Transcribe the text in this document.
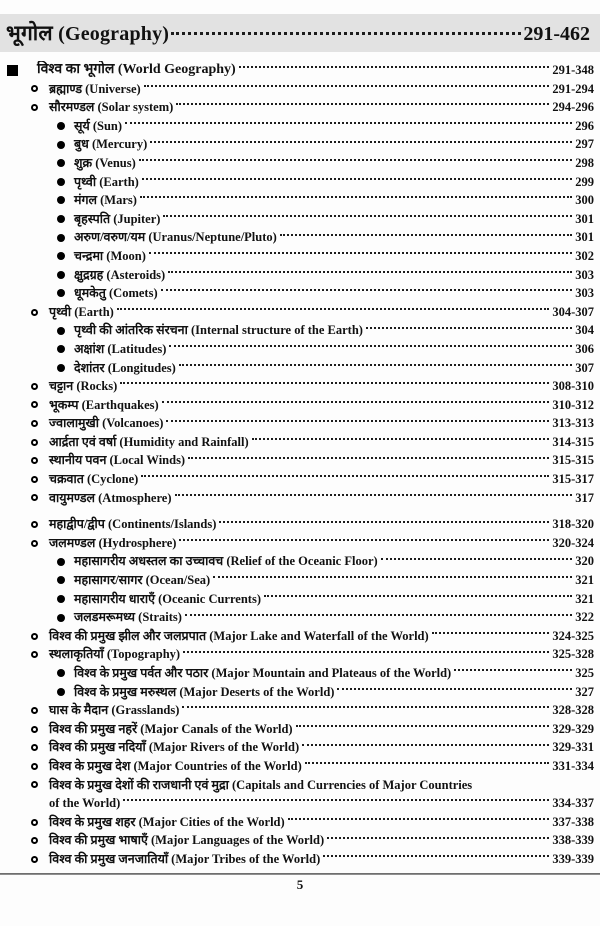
भूगोल (Geography)	291-462
विश्व का भूगोल (World Geography)	291-348
ब्रह्माण्ड (Universe)	291-294
सौरमण्डल (Solar system)	294-296
सूर्य (Sun)	296
बुध (Mercury)	297
शुक्र (Venus)	298
पृथ्वी (Earth)	299
मंगल (Mars)	300
बृहस्पति (Jupiter)	301
अरुण/वरुण/यम (Uranus/Neptune/Pluto)	301
चन्द्रमा (Moon)	302
क्षुद्रग्रह (Asteroids)	303
धूमकेतु (Comets)	303
पृथ्वी (Earth)	304-307
पृथ्वी की आंतरिक संरचना (Internal structure of the Earth)	304
अक्षांश (Latitudes)	306
देशांतर (Longitudes)	307
चट्टान (Rocks)	308-310
भूकम्प (Earthquakes)	310-312
ज्वालामुखी (Volcanoes)	313-313
आर्द्रता एवं वर्षा (Humidity and Rainfall)	314-315
स्थानीय पवन (Local Winds)	315-315
चक्रवात (Cyclone)	315-317
वायुमण्डल (Atmosphere)	317
महाद्वीप/द्वीप (Continents/Islands)	318-320
जलमण्डल (Hydrosphere)	320-324
महासागरीय अधस्तल का उच्चावच (Relief of the Oceanic Floor)	320
महासागर/सागर (Ocean/Sea)	321
महासागरीय धाराएँ (Oceanic Currents)	321
जलडमरूमध्य (Straits)	322
विश्व की प्रमुख झील और जलप्रपात (Major Lake and Waterfall of the World)	324-325
स्थलाकृतियाँ (Topography)	325-328
विश्व के प्रमुख पर्वत और पठार (Major Mountain and Plateaus of the World)	325
विश्व के प्रमुख मरुस्थल (Major Deserts of the World)	327
घास के मैदान (Grasslands)	328-328
विश्व की प्रमुख नहरें (Major Canals of the World)	329-329
विश्व की प्रमुख नदियाँ (Major Rivers of the World)	329-331
विश्व के प्रमुख देश (Major Countries of the World)	331-334
विश्व के प्रमुख देशों की राजधानी एवं मुद्रा (Capitals and Currencies of Major Countries
of the World)	334-337
विश्व के प्रमुख शहर (Major Cities of the World)	337-338
विश्व की प्रमुख भाषाएँ (Major Languages of the World)	338-339
विश्व की प्रमुख जनजातियाँ (Major Tribes of the World)	339-339
5
